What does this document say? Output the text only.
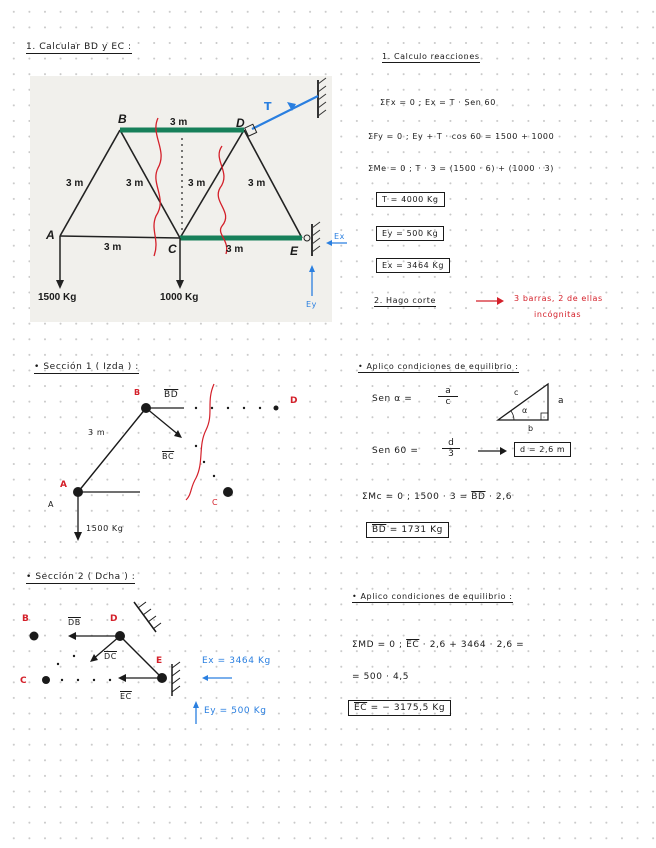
1. Calcular BD y EC :
B	D
A
C	E
3 m
3 m	3 m	3 m	3 m
3 m	3 m
1500 Kg	1000 Kg
T
Ex
Ey
• Sección 1 ( Izda ) :
B
D
$\overline{BD}$
$\overline{BC}$
3 m
A
A	C
1500 Kg
• Sección 2 ( Dcha ) :
B	D
E
C
$\overline{DB}$
$\overline{DC}$
$\overline{EC}$
Ex = 3464 Kg
Ey = 500 Kg
1. Calculo reacciones
ΣFx = 0 ; Ex = T · Sen 60
ΣFy = 0 ; Ey + T · cos 60 = 1500 + 1000
ΣMe = 0 ; T · 3 = (1500 · 6) + (1000 · 3)
T = 4000 Kg
Ey = 500 Kg
Ex = 3464 Kg
2. Hago corte	3 barras, 2 de ellas
incógnitas
• Aplico condiciones de equilibrio :
Sen α =	$\frac{a}{c}$	c
a
α
b
Sen 60 =	$\frac{d}{3}$	d = 2,6 m
ΣMc = 0 ; $1500 \cdot 3 = \overline{BD} \cdot 2,6$
$\overline{BD} = 1731$ Kg
• Aplico condiciones de equilibrio :
ΣMD = 0 ; $\overline{EC} \cdot 2,6 + 3464 \cdot 2,6$ =
= 500 · 4,5
$\overline{EC}$ = − 3175,5 Kg
